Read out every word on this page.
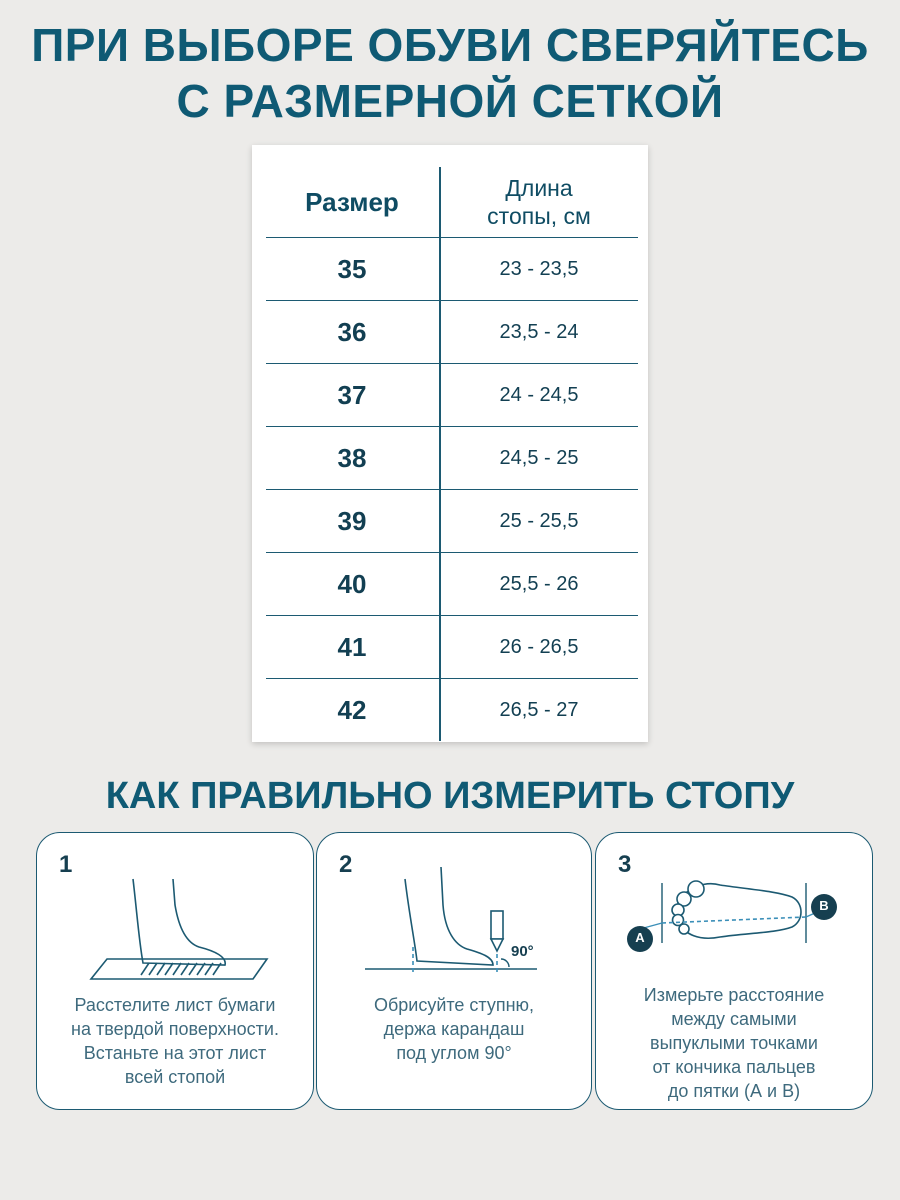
ПРИ ВЫБОРЕ ОБУВИ СВЕРЯЙТЕСЬ
С РАЗМЕРНОЙ СЕТКОЙ
Размер	Длина
стопы, см
35	23 - 23,5
36	23,5 - 24
37	24 - 24,5
38	24,5 - 25
39	25 - 25,5
40	25,5 - 26
41	26 - 26,5
42	26,5 - 27
КАК ПРАВИЛЬНО ИЗМЕРИТЬ СТОПУ
1
Расстелите лист бумаги
на твердой поверхности.
Встаньте на этот лист
всей стопой
2
90°
Обрисуйте ступню,
держа карандаш
под углом 90°
3
A
B
Измерьте расстояние
между самыми
выпуклыми точками
от кончика пальцев
до пятки (А и В)
